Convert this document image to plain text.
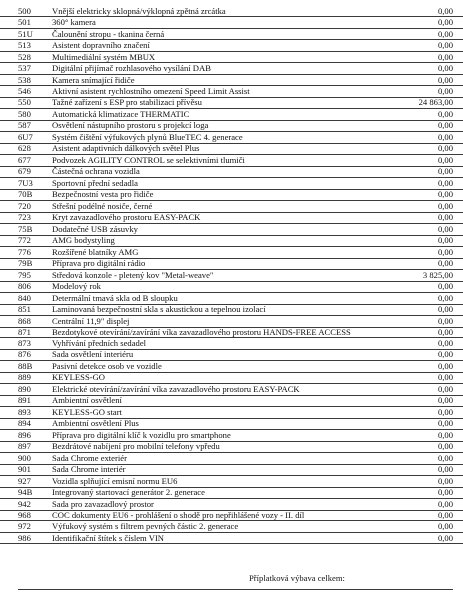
500	Vnější elektricky sklopná/výklopná zpětná zrcátka	0,00
501	360° kamera	0,00
51U	Čalounění stropu - tkanina černá	0,00
513	Asistent dopravního značení	0,00
528	Multimediální systém MBUX	0,00
537	Digitální přijímač rozhlasového vysílání DAB	0,00
538	Kamera snímající řidiče	0,00
546	Aktivní asistent rychlostního omezení Speed Limit Assist	0,00
550	Tažné zařízení s ESP pro stabilizaci přívěsu	24 863,00
580	Automatická klimatizace THERMATIC	0,00
587	Osvětlení nástupního prostoru s projekcí loga	0,00
6U7	Systém čištění výfukových plynů BlueTEC 4. generace	0,00
628	Asistent adaptivních dálkových světel Plus	0,00
677	Podvozek AGILITY CONTROL se selektivními tlumiči	0,00
679	Částečná ochrana vozidla	0,00
7U3	Sportovní přední sedadla	0,00
70B	Bezpečnostní vesta pro řidiče	0,00
720	Střešní podélné nosiče, černé	0,00
723	Kryt zavazadlového prostoru EASY-PACK	0,00
75B	Dodatečné USB zásuvky	0,00
772	AMG bodystyling	0,00
776	Rozšířené blatníky AMG	0,00
79B	Příprava pro digitální rádio	0,00
795	Středová konzole - pletený kov "Metal-weave"	3 825,00
806	Modelový rok	0,00
840	Determální tmavá skla od B sloupku	0,00
851	Laminovaná bezpečnostní skla s akustickou a tepelnou izolací	0,00
868	Centrální 11,9" displej	0,00
871	Bezdotykové otevírání/zavírání víka zavazadlového prostoru HANDS-FREE ACCESS	0,00
873	Vyhřívání předních sedadel	0,00
876	Sada osvětlení interiéru	0,00
88B	Pasivní detekce osob ve vozidle	0,00
889	KEYLESS-GO	0,00
890	Elektrické otevírání/zavírání víka zavazadlového prostoru EASY-PACK	0,00
891	Ambientní osvětlení	0,00
893	KEYLESS-GO start	0,00
894	Ambientní osvětlení Plus	0,00
896	Příprava pro digitální klíč k vozidlu pro smartphone	0,00
897	Bezdrátové nabíjení pro mobilní telefony vpředu	0,00
900	Sada Chrome exteriér	0,00
901	Sada Chrome interiér	0,00
927	Vozidla splňující emisní normu EU6	0,00
94B	Integrovaný startovací generátor 2. generace	0,00
942	Sada pro zavazadlový prostor	0,00
968	COC dokumenty EU6 - prohlášení o shodě pro nepřihlášené vozy - II. díl	0,00
972	Výfukový systém s filtrem pevných částic 2. generace	0,00
986	Identifikační štítek s číslem VIN	0,00
Příplatková výbava celkem:
